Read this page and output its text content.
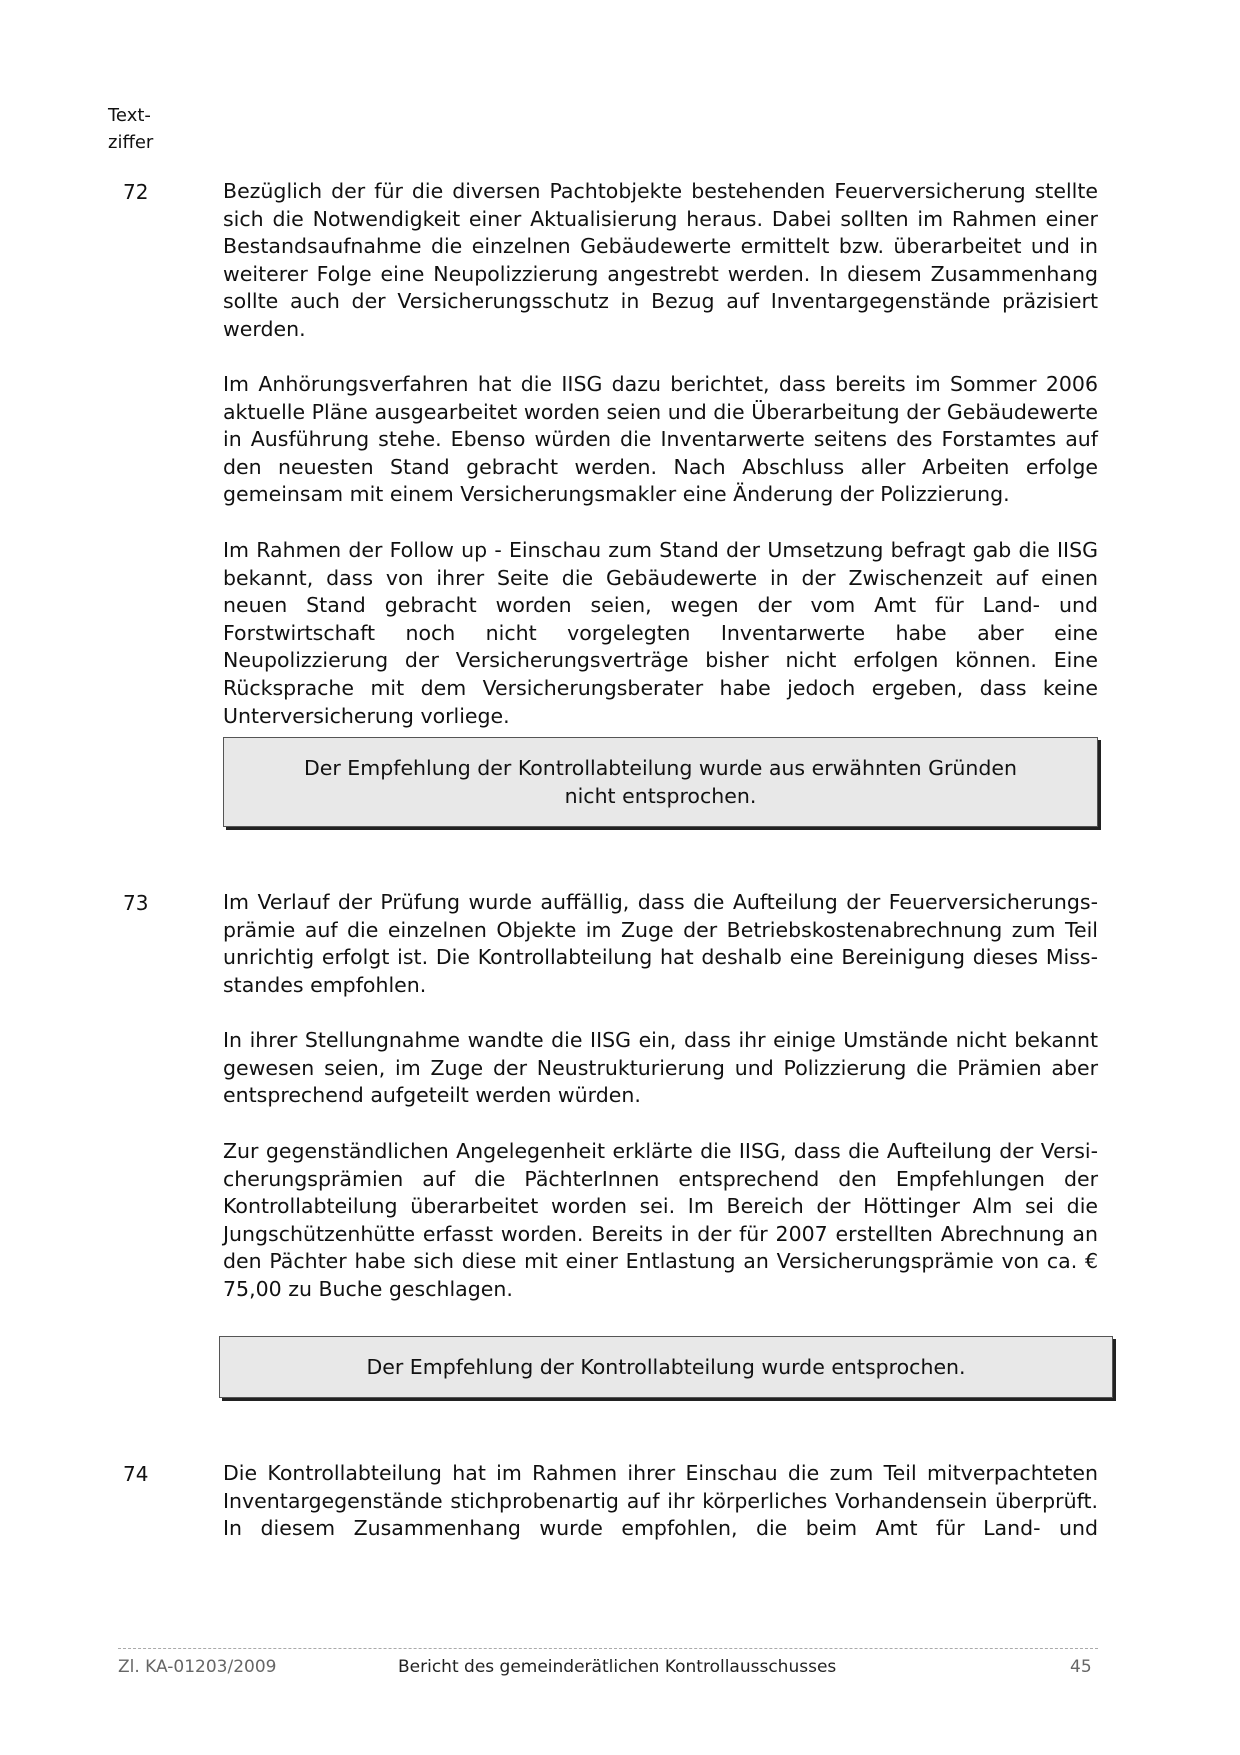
Text-
ziffer
72	Bezüglich der für die diversen Pachtobjekte bestehenden Feuerversicherung stellte sich die Notwendigkeit einer Aktualisierung heraus. Dabei sollten im Rahmen einer Bestandsaufnahme die einzelnen Gebäudewerte ermittelt bzw. überarbeitet und in weiterer Folge eine Neupolizzierung angestrebt werden. In diesem Zusammenhang sollte auch der Versicherungsschutz in Bezug auf Inventargegenstände präzisiert werden.
Im Anhörungsverfahren hat die IISG dazu berichtet, dass bereits im Sommer 2006 aktuelle Pläne ausgearbeitet worden seien und die Überarbeitung der Gebäudewerte in Ausführung stehe. Ebenso würden die Inventarwerte seitens des Forstamtes auf den neuesten Stand gebracht werden. Nach Abschluss aller Arbeiten erfolge gemeinsam mit einem Versicherungsmakler eine Änderung der Polizzierung.
Im Rahmen der Follow up - Einschau zum Stand der Umsetzung befragt gab die IISG bekannt, dass von ihrer Seite die Gebäudewerte in der Zwischenzeit auf einen neuen Stand gebracht worden seien, wegen der vom Amt für Land- und Forstwirtschaft noch nicht vorgelegten Inventarwerte habe aber eine Neupolizzierung der Versicherungsverträge bisher nicht erfolgen können. Eine Rücksprache mit dem Versicherungsberater habe jedoch ergeben, dass keine Unterversicherung vorliege.
Der Empfehlung der Kontrollabteilung wurde aus erwähnten Gründen
nicht entsprochen.
73	Im Verlauf der Prüfung wurde auffällig, dass die Aufteilung der Feuerversicherungsprämie auf die einzelnen Objekte im Zuge der Betriebskostenabrechnung zum Teil unrichtig erfolgt ist. Die Kontrollabteilung hat deshalb eine Bereinigung dieses Missstandes empfohlen.
In ihrer Stellungnahme wandte die IISG ein, dass ihr einige Umstände nicht bekannt gewesen seien, im Zuge der Neustrukturierung und Polizzierung die Prämien aber entsprechend aufgeteilt werden würden.
Zur gegenständlichen Angelegenheit erklärte die IISG, dass die Aufteilung der Versicherungsprämien auf die PächterInnen entsprechend den Empfehlungen der Kontrollabteilung überarbeitet worden sei. Im Bereich der Höttinger Alm sei die Jungschützenhütte erfasst worden. Bereits in der für 2007 erstellten Abrechnung an den Pächter habe sich diese mit einer Entlastung an Versicherungsprämie von ca. € 75,00 zu Buche geschlagen.
Der Empfehlung der Kontrollabteilung wurde entsprochen.
74	Die Kontrollabteilung hat im Rahmen ihrer Einschau die zum Teil mitverpachteten Inventargegenstände stichprobenartig auf ihr körperliches Vorhandensein überprüft. In diesem Zusammenhang wurde empfohlen, die beim Amt für Land- und
Zl. KA-01203/2009	Bericht des gemeinderätlichen Kontrollausschusses	45
